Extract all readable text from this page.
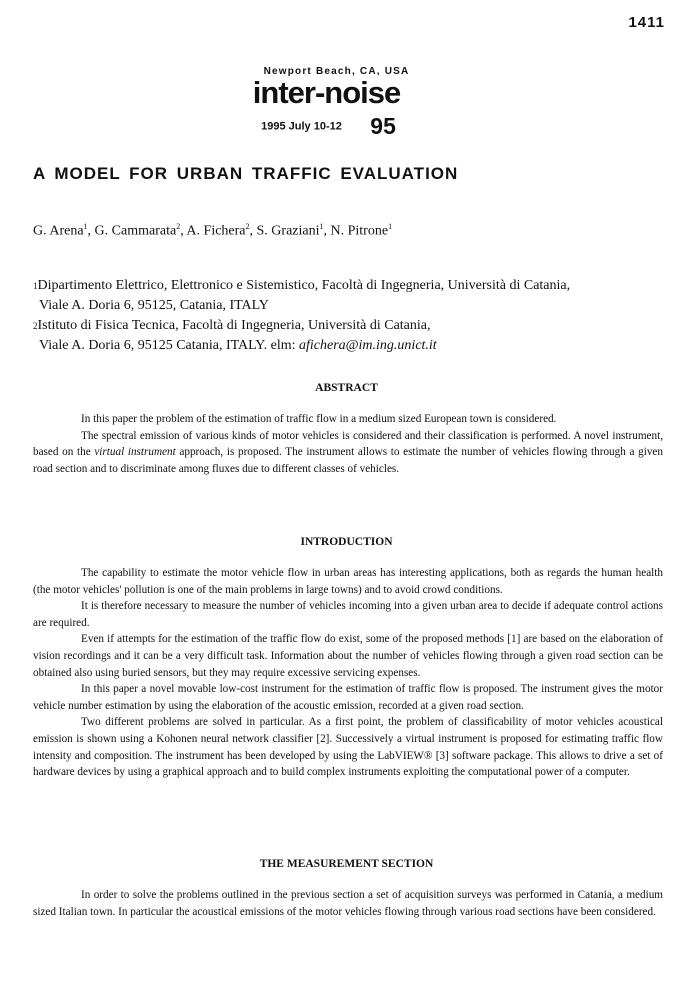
1411
Newport Beach, CA, USA
inter-noise
1995 July 10-12 95
A MODEL FOR URBAN TRAFFIC EVALUATION
G. Arena$^1$, G. Cammarata$^2$, A. Fichera$^2$, S. Graziani$^1$, N. Pitrone$^1$
$^1$Dipartimento Elettrico, Elettronico e Sistemistico, Facoltà di Ingegneria, Università di Catania,
Viale A. Doria 6, 95125, Catania, ITALY
$^2$Istituto di Fisica Tecnica, Facoltà di Ingegneria, Università di Catania,
Viale A. Doria 6, 95125 Catania, ITALY. elm: afichera@im.ing.unict.it
ABSTRACT

In this paper the problem of the estimation of traffic flow in a medium sized European town is considered.

The spectral emission of various kinds of motor vehicles is considered and their classification is performed. A novel instrument, based on the virtual instrument approach, is proposed. The instrument allows to estimate the number of vehicles flowing through a given road section and to discriminate among fluxes due to different classes of vehicles.

INTRODUCTION

The capability to estimate the motor vehicle flow in urban areas has interesting applications, both as regards the human health (the motor vehicles' pollution is one of the main problems in large towns) and to avoid crowd conditions.

It is therefore necessary to measure the number of vehicles incoming into a given urban area to decide if adequate control actions are required.

Even if attempts for the estimation of the traffic flow do exist, some of the proposed methods [1] are based on the elaboration of vision recordings and it can be a very difficult task. Information about the number of vehicles flowing through a given road section can be obtained also using buried sensors, but they may require excessive servicing expenses.

In this paper a novel movable low-cost instrument for the estimation of traffic flow is proposed. The instrument gives the motor vehicle number estimation by using the elaboration of the acoustic emission, recorded at a given road section.

Two different problems are solved in particular. As a first point, the problem of classificability of motor vehicles acoustical emission is shown using a Kohonen neural network classifier [2]. Successively a virtual instrument is proposed for estimating traffic flow intensity and composition. The instrument has been developed by using the LabVIEW® [3] software package. This allows to drive a set of hardware devices by using a graphical approach and to build complex instruments exploiting the computational power of a computer.

THE MEASUREMENT SECTION

In order to solve the problems outlined in the previous section a set of acquisition surveys was performed in Catania, a medium sized Italian town. In particular the acoustical emissions of the motor vehicles flowing through various road sections have been considered.
